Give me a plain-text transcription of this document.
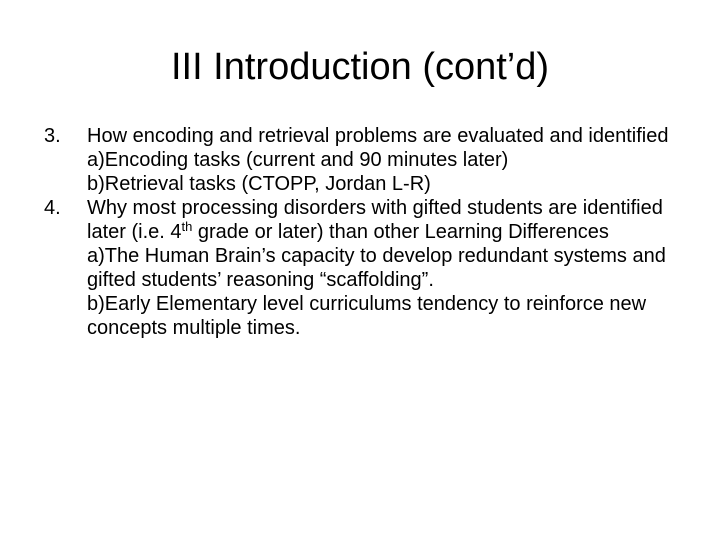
III Introduction (cont’d)
3. How encoding and retrieval problems are evaluated and identified
a)Encoding tasks (current and 90 minutes later)
b)Retrieval tasks (CTOPP, Jordan L-R)
4. Why most processing disorders with gifted students are identified later (i.e. 4th grade or later) than other Learning Differences
a)The Human Brain’s capacity to develop redundant systems and gifted students’ reasoning “scaffolding”.
b)Early Elementary level curriculums tendency to reinforce new concepts multiple times.
